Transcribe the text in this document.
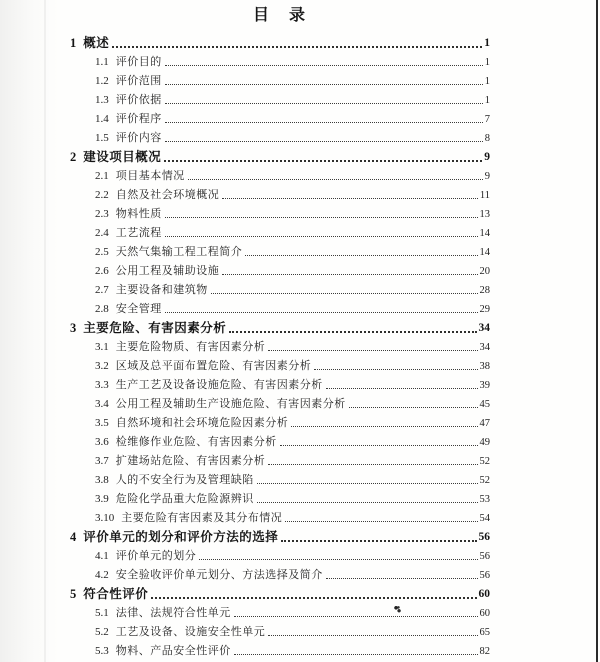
目　录
1 概述	1
1.1 评价目的	1
1.2 评价范围	1
1.3 评价依据	1
1.4 评价程序	7
1.5 评价内容	8
2 建设项目概况	9
2.1 项目基本情况	9
2.2 自然及社会环境概况	11
2.3 物料性质	13
2.4 工艺流程	14
2.5 天然气集输工程工程简介	14
2.6 公用工程及辅助设施	20
2.7 主要设备和建筑物	28
2.8 安全管理	29
3 主要危险、有害因素分析	34
3.1 主要危险物质、有害因素分析	34
3.2 区域及总平面布置危险、有害因素分析	38
3.3 生产工艺及设备设施危险、有害因素分析	39
3.4 公用工程及辅助生产设施危险、有害因素分析	45
3.5 自然环境和社会环境危险因素分析	47
3.6 检维修作业危险、有害因素分析	49
3.7 扩建场站危险、有害因素分析	52
3.8 人的不安全行为及管理缺陷	52
3.9 危险化学品重大危险源辨识	53
3.10 主要危险有害因素及其分布情况	54
4 评价单元的划分和评价方法的选择	56
4.1 评价单元的划分	56
4.2 安全验收评价单元划分、方法选择及简介	56
5 符合性评价	60
5.1 法律、法规符合性单元	60
5.2 工艺及设备、设施安全性单元	65
5.3 物料、产品安全性评价	82
